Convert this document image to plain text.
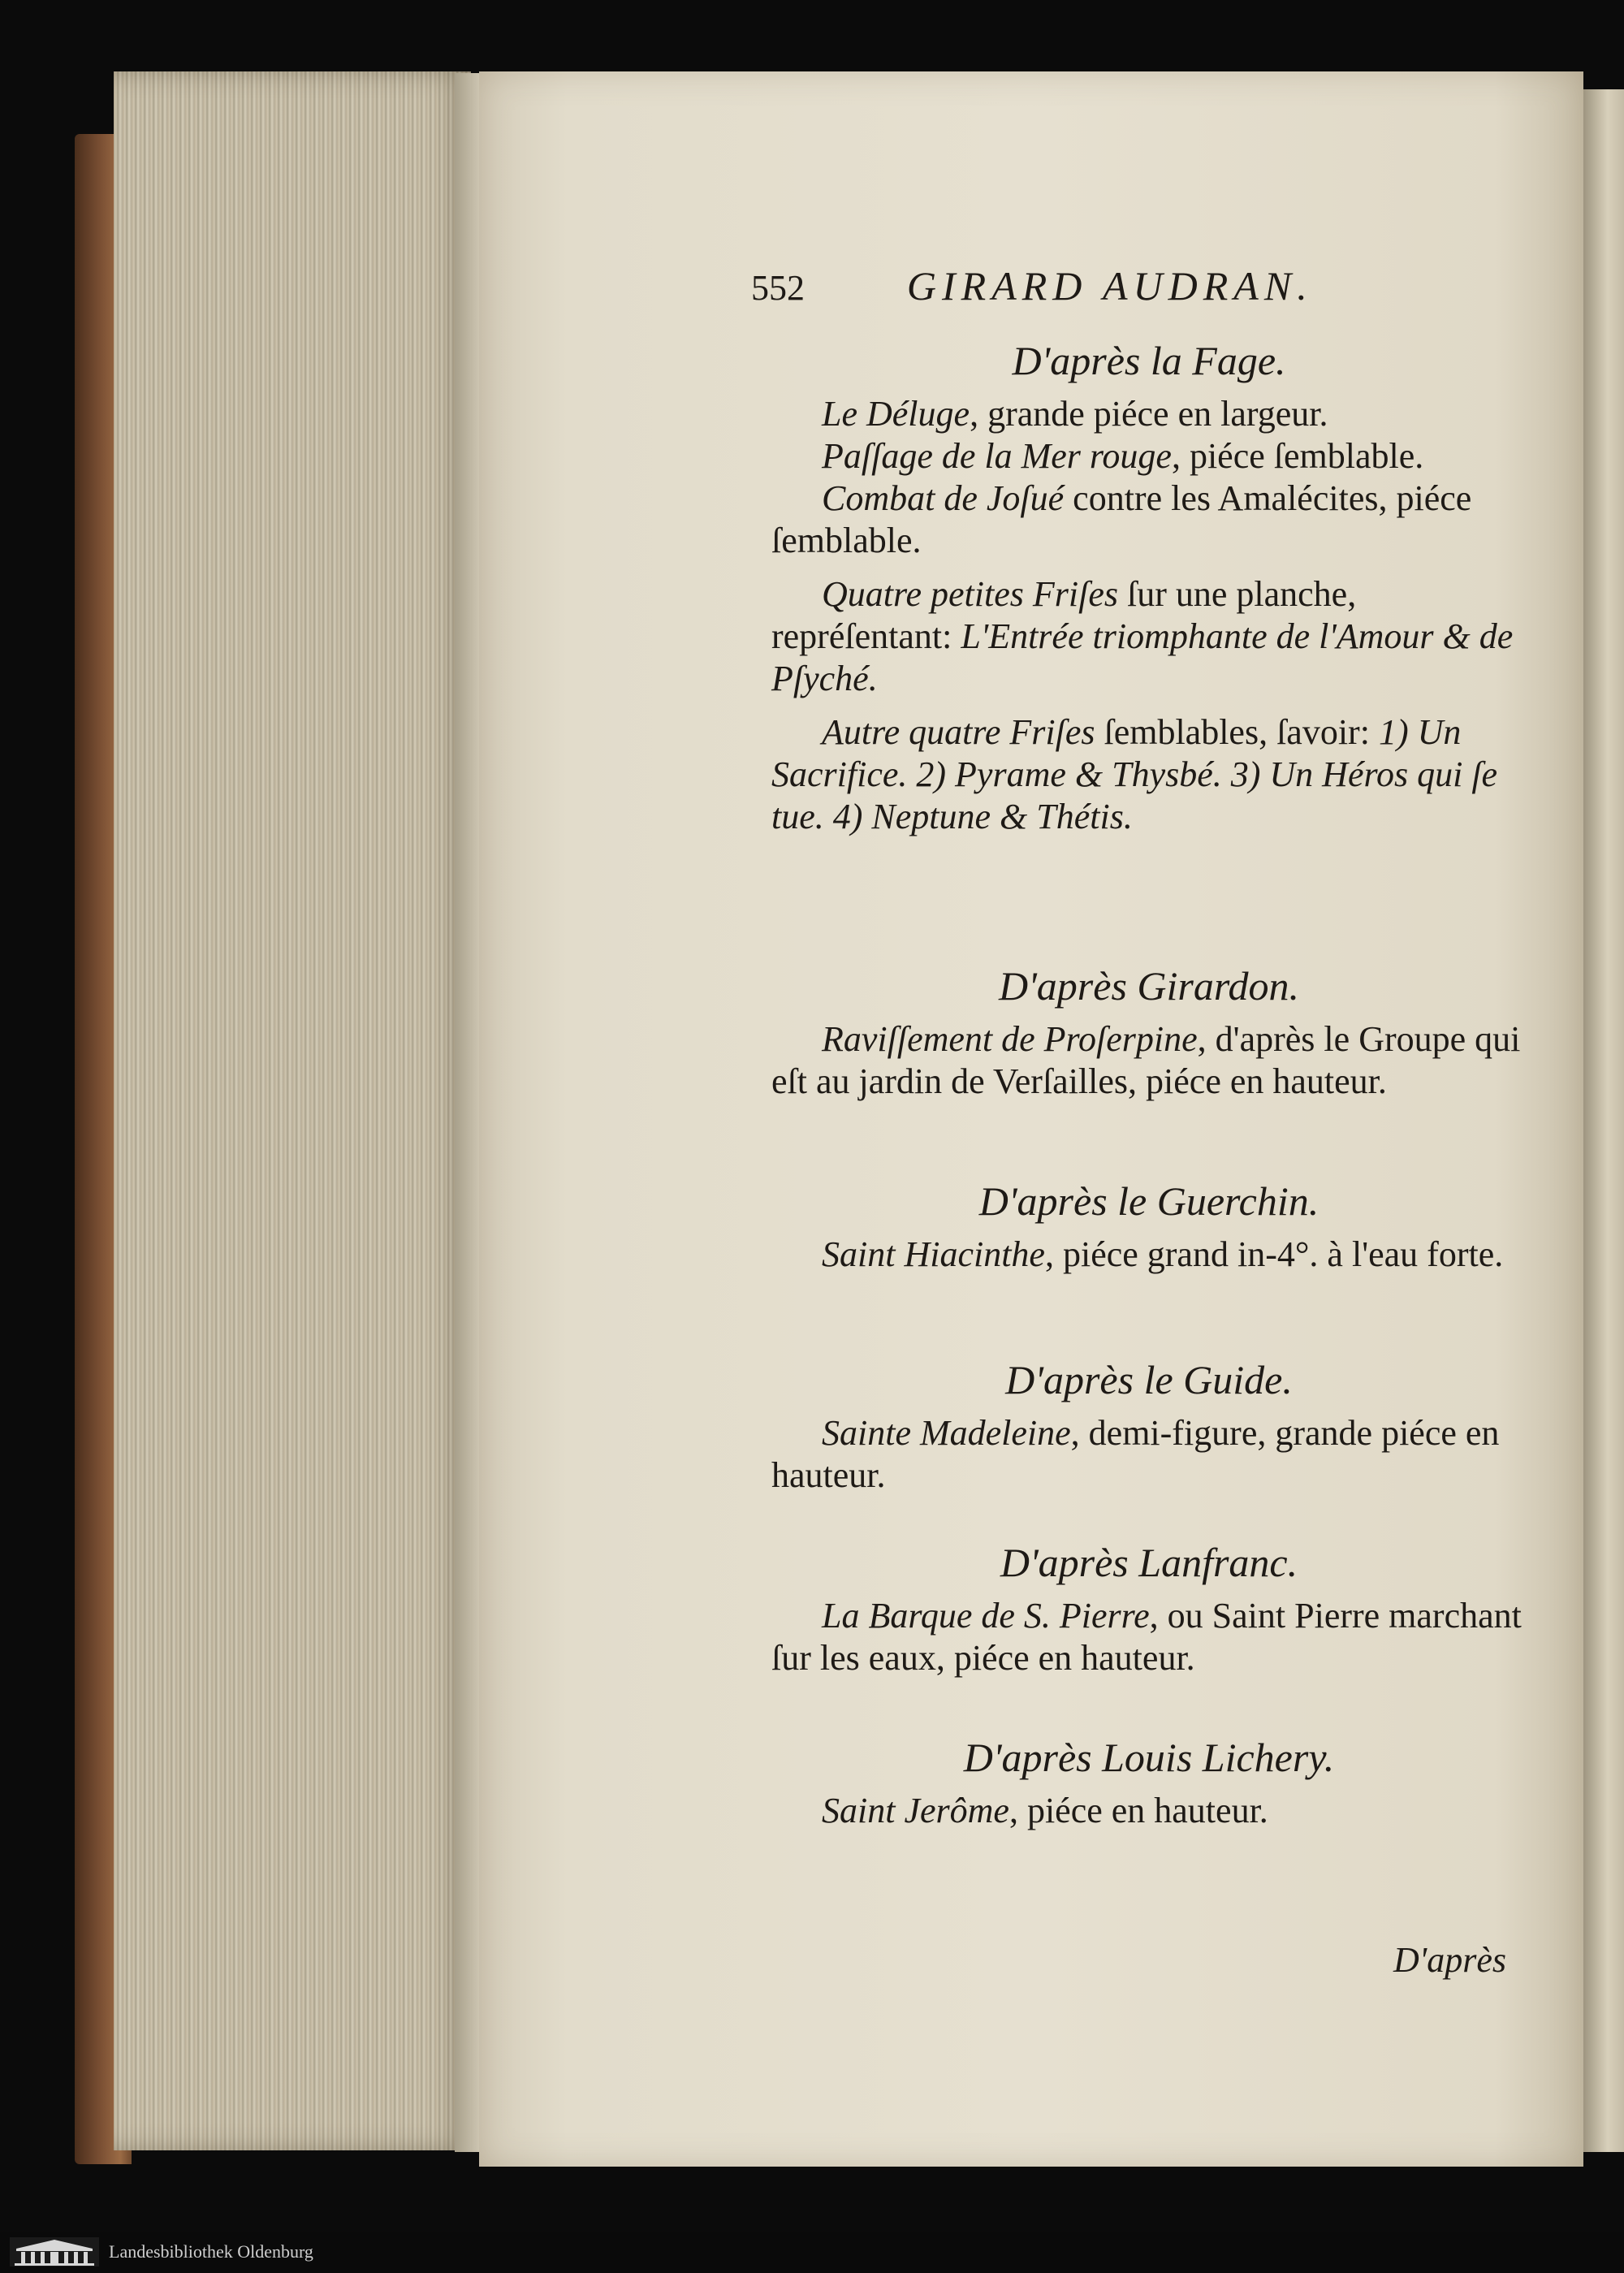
552	GIRARD AUDRAN.

D'après la Fage.

Le Déluge, grande piéce en largeur.

Paſſage de la Mer rouge, piéce ſemblable.

Combat de Joſué contre les Amalécites, piéce ſemblable.

Quatre petites Friſes ſur une planche, repréſentant: L'Entrée triomphante de l'Amour & de Pſyché.

Autre quatre Friſes ſemblables, ſavoir: 1) Un Sacrifice. 2) Pyrame & Thysbé. 3) Un Héros qui ſe tue. 4) Neptune & Thétis.

D'après Girardon.

Raviſſement de Proſerpine, d'après le Groupe qui eſt au jardin de Verſailles, piéce en hauteur.

D'après le Guerchin.

Saint Hiacinthe, piéce grand in-4°. à l'eau forte.

D'après le Guide.

Sainte Madeleine, demi-figure, grande piéce en hauteur.

D'après Lanfranc.

La Barque de S. Pierre, ou Saint Pierre marchant ſur les eaux, piéce en hauteur.

D'après Louis Lichery.

Saint Jerôme, piéce en hauteur.

D'après
Landesbibliothek Oldenburg
